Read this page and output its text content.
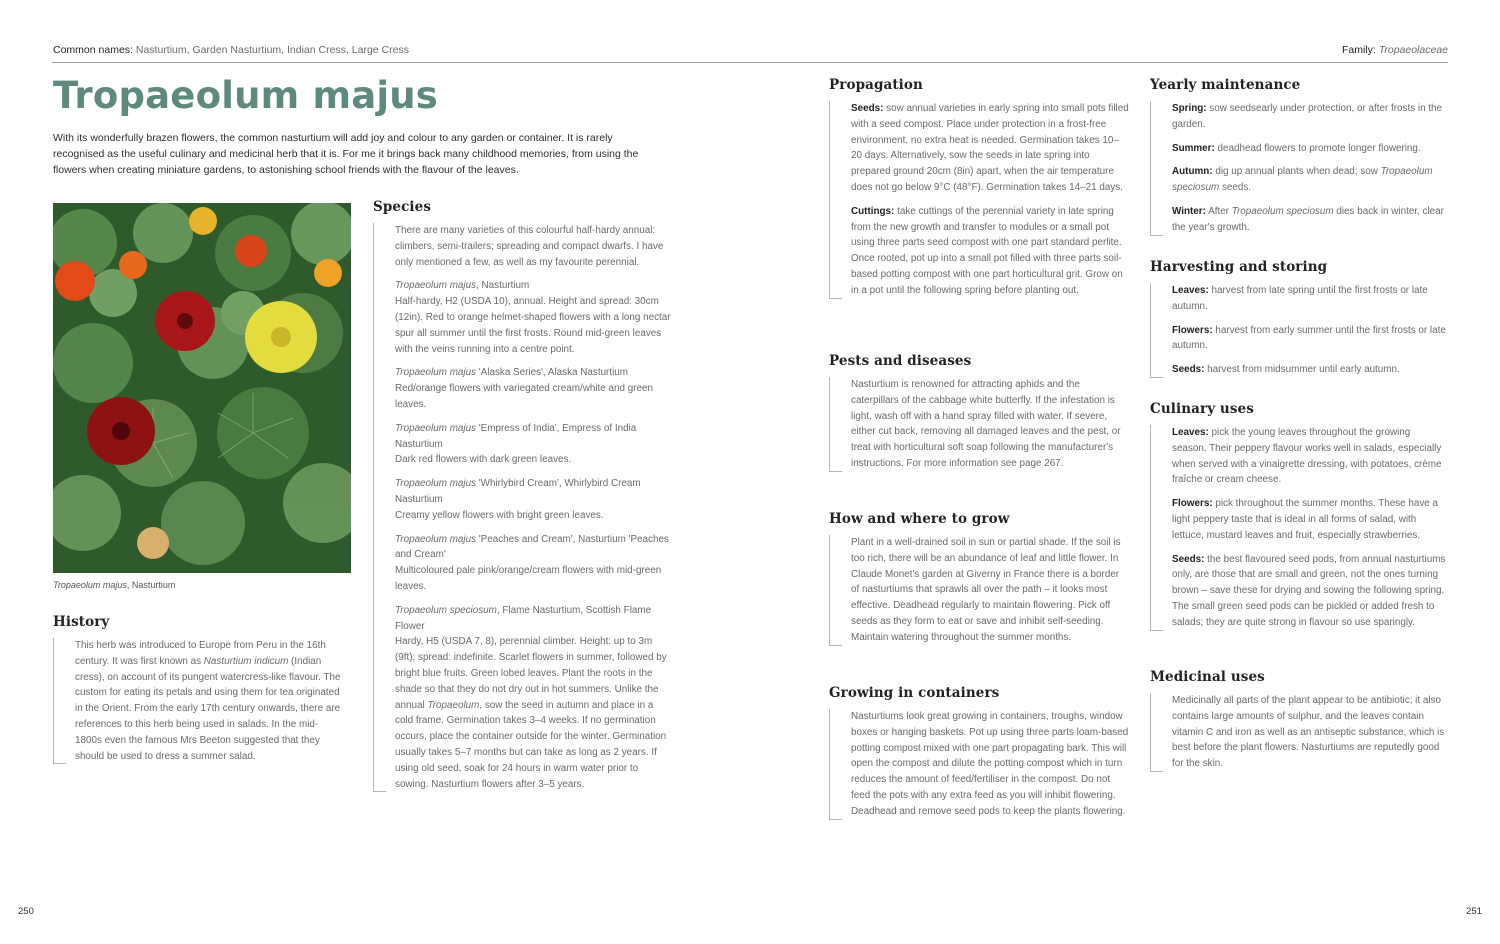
Common names: Nasturtium, Garden Nasturtium, Indian Cress, Large Cress	Family: Tropaeolaceae
Tropaeolum majus

With its wonderfully brazen flowers, the common nasturtium will add joy and colour to any garden or container. It is rarely recognised as the useful culinary and medicinal herb that it is. For me it brings back many childhood memories, from using the flowers when creating miniature gardens, to astonishing school friends with the flavour of the leaves.

Tropaeolum majus, Nasturtium

History

This herb was introduced to Europe from Peru in the 16th century. It was first known as Nasturtium indicum (Indian cress), on account of its pungent watercress-like flavour. The custom for eating its petals and using them for tea originated in the Orient. From the early 17th century onwards, there are references to this herb being used in salads. In the mid-1800s even the famous Mrs Beeton suggested that they should be used to dress a summer salad.

Species

There are many varieties of this colourful half-hardy annual: climbers, semi-trailers; spreading and compact dwarfs. I have only mentioned a few, as well as my favourite perennial.

Tropaeolum majus, Nasturtium
Half-hardy, H2 (USDA 10), annual. Height and spread: 30cm (12in). Red to orange helmet-shaped flowers with a long nectar spur all summer until the first frosts. Round mid-green leaves with the veins running into a centre point.

Tropaeolum majus 'Alaska Series', Alaska Nasturtium
Red/orange flowers with variegated cream/white and green leaves.

Tropaeolum majus 'Empress of India', Empress of India Nasturtium
Dark red flowers with dark green leaves.

Tropaeolum majus 'Whirlybird Cream', Whirlybird Cream Nasturtium
Creamy yellow flowers with bright green leaves.

Tropaeolum majus 'Peaches and Cream', Nasturtium 'Peaches and Cream'
Multicoloured pale pink/orange/cream flowers with mid-green leaves.

Tropaeolum speciosum, Flame Nasturtium, Scottish Flame Flower
Hardy, H5 (USDA 7, 8), perennial climber. Height: up to 3m (9ft); spread: indefinite. Scarlet flowers in summer, followed by bright blue fruits. Green lobed leaves. Plant the roots in the shade so that they do not dry out in hot summers. Unlike the annual Tropaeolum, sow the seed in autumn and place in a cold frame. Germination takes 3–4 weeks. If no germination occurs, place the container outside for the winter. Germination usually takes 5–7 months but can take as long as 2 years. If using old seed, soak for 24 hours in warm water prior to sowing. Nasturtium flowers after 3–5 years.

Propagation

Seeds: sow annual varieties in early spring into small pots filled with a seed compost. Place under protection in a frost-free environment, no extra heat is needed. Germination takes 10–20 days. Alternatively, sow the seeds in late spring into prepared ground 20cm (8in) apart, when the air temperature does not go below 9°C (48°F). Germination takes 14–21 days.

Cuttings: take cuttings of the perennial variety in late spring from the new growth and transfer to modules or a small pot using three parts seed compost with one part standard perlite. Once rooted, pot up into a small pot filled with three parts soil-based potting compost with one part horticultural grit. Grow on in a pot until the following spring before planting out.

Pests and diseases

Nasturtium is renowned for attracting aphids and the caterpillars of the cabbage white butterfly. If the infestation is light, wash off with a hand spray filled with water. If severe, either cut back, removing all damaged leaves and the pest, or treat with horticultural soft soap following the manufacturer's instructions. For more information see page 267.

How and where to grow

Plant in a well-drained soil in sun or partial shade. If the soil is too rich, there will be an abundance of leaf and little flower. In Claude Monet's garden at Giverny in France there is a border of nasturtiums that sprawls all over the path – it looks most effective. Deadhead regularly to maintain flowering. Pick off seeds as they form to eat or save and inhibit self-seeding. Maintain watering throughout the summer months.

Growing in containers

Nasturtiums look great growing in containers, troughs, window boxes or hanging baskets. Pot up using three parts loam-based potting compost mixed with one part propagating bark. This will open the compost and dilute the potting compost which in turn reduces the amount of feed/fertiliser in the compost. Do not feed the pots with any extra feed as you will inhibit flowering. Deadhead and remove seed pods to keep the plants flowering.

Yearly maintenance

Spring: sow seedsearly under protection, or after frosts in the garden.

Summer: deadhead flowers to promote longer flowering.

Autumn: dig up annual plants when dead; sow Tropaeolum speciosum seeds.

Winter: After Tropaeolum speciosum dies back in winter, clear the year's growth.

Harvesting and storing

Leaves: harvest from late spring until the first frosts or late autumn.

Flowers: harvest from early summer until the first frosts or late autumn.

Seeds: harvest from midsummer until early autumn.

Culinary uses

Leaves: pick the young leaves throughout the growing season. Their peppery flavour works well in salads, especially when served with a vinaigrette dressing, with potatoes, crème fraîche or cream cheese.

Flowers: pick throughout the summer months. These have a light peppery taste that is ideal in all forms of salad, with lettuce, mustard leaves and fruit, especially strawberries.

Seeds: the best flavoured seed pods, from annual nasturtiums only, are those that are small and green, not the ones turning brown – save these for drying and sowing the following spring. The small green seed pods can be pickled or added fresh to salads; they are quite strong in flavour so use sparingly.

Medicinal uses

Medicinally all parts of the plant appear to be antibiotic; it also contains large amounts of sulphur, and the leaves contain vitamin C and iron as well as an antiseptic substance, which is best before the plant flowers. Nasturtiums are reputedly good for the skin.

250	251
